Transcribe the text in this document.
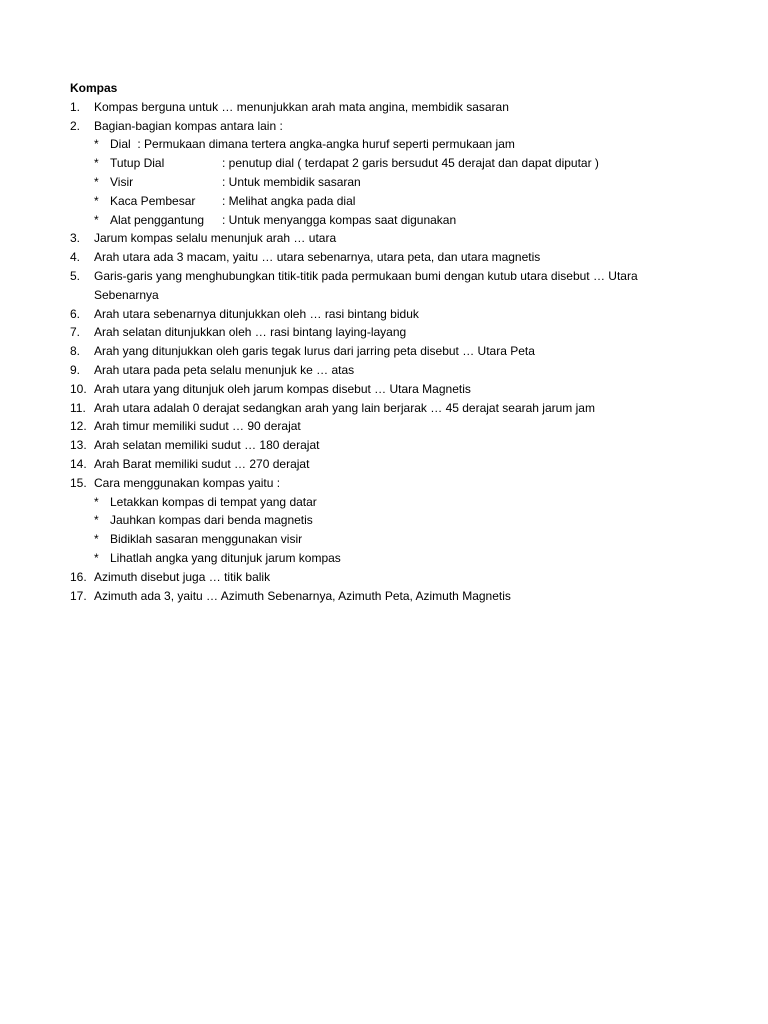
Kompas
1. Kompas berguna untuk … menunjukkan arah mata angina, membidik sasaran
2. Bagian-bagian kompas antara lain :
* Dial : Permukaan dimana tertera angka-angka huruf seperti permukaan jam
* Tutup Dial	: penutup dial ( terdapat 2 garis bersudut 45 derajat dan dapat diputar )
* Visir	: Untuk membidik sasaran
* Kaca Pembesar : Melihat angka pada dial
* Alat penggantung : Untuk menyangga kompas saat digunakan
3. Jarum kompas selalu menunjuk arah … utara
4. Arah utara ada 3 macam, yaitu … utara sebenarnya, utara peta, dan utara magnetis
5. Garis-garis yang menghubungkan titik-titik pada permukaan bumi dengan kutub utara disebut … Utara Sebenarnya
6. Arah utara sebenarnya ditunjukkan oleh … rasi bintang biduk
7. Arah selatan ditunjukkan oleh … rasi bintang laying-layang
8. Arah yang ditunjukkan oleh garis tegak lurus dari jarring peta disebut … Utara Peta
9. Arah utara pada peta selalu menunjuk ke … atas
10. Arah utara yang ditunjuk oleh jarum kompas disebut … Utara Magnetis
11. Arah utara adalah 0 derajat sedangkan arah yang lain berjarak … 45 derajat searah jarum jam
12. Arah timur memiliki sudut … 90 derajat
13. Arah selatan memiliki sudut … 180 derajat
14. Arah Barat memiliki sudut … 270 derajat
15. Cara menggunakan kompas yaitu :
* Letakkan kompas di tempat yang datar
* Jauhkan kompas dari benda magnetis
* Bidiklah sasaran menggunakan visir
* Lihatlah angka yang ditunjuk jarum kompas
16. Azimuth disebut juga … titik balik
17. Azimuth ada 3, yaitu … Azimuth Sebenarnya, Azimuth Peta, Azimuth Magnetis
